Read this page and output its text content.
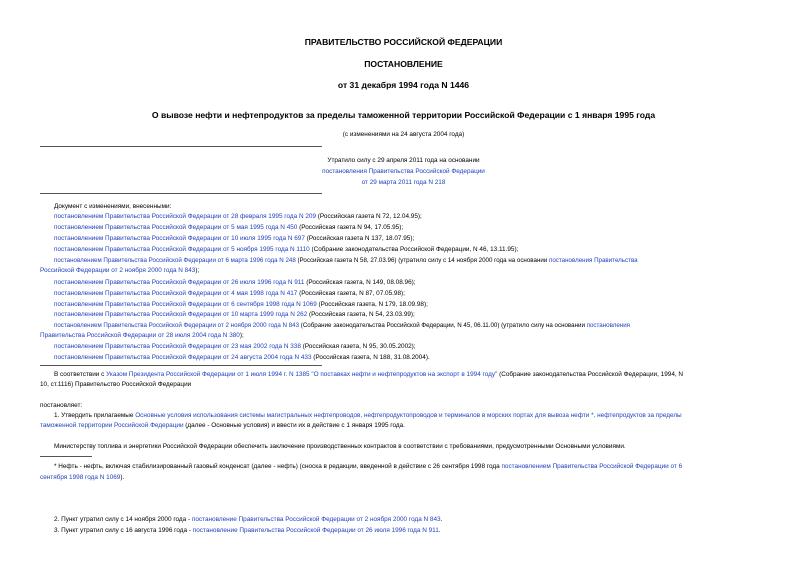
ПРАВИТЕЛЬСТВО РОССИЙСКОЙ ФЕДЕРАЦИИ
ПОСТАНОВЛЕНИЕ
от 31 декабря 1994 года N 1446
О вывозе нефти и нефтепродуктов за пределы таможенной территории Российской Федерации с 1 января 1995 года
(с изменениями на 24 августа 2004 года)
Утратило силу с 29 апреля 2011 года на основании
постановления Правительства Российской Федерации
от 29 марта 2011 года N 218
Документ с изменениями, внесенными:
постановлением Правительства Российской Федерации от 28 февраля 1995 года N 209 (Российская газета N 72, 12.04.95);
постановлением Правительства Российской Федерации от 5 мая 1995 года N 450 (Российская газета N 94, 17.05.95);
постановлением Правительства Российской Федерации от 10 июля 1995 года N 697 (Российская газета N 137, 18.07.95);
постановлением Правительства Российской Федерации от 5 ноября 1995 года N 1110 (Собрание законодательства Российской Федерации, N 46, 13.11.95);
постановлением Правительства Российской Федерации от 6 марта 1996 года N 248 (Российская газета N 58, 27.03.96) (утратило силу с 14 ноября 2000 года на основании постановления Правительства
Российской Федерации от 2 ноября 2000 года N 843);
постановлением Правительства Российской Федерации от 26 июля 1996 года N 911 (Российская газета, N 149, 08.08.96);
постановлением Правительства Российской Федерации от 4 мая 1998 года N 417 (Российская газета, N 87, 07.05.98);
постановлением Правительства Российской Федерации от 6 сентября 1998 года N 1069 (Российская газета, N 179, 18.09.98);
постановлением Правительства Российской Федерации от 10 марта 1999 года N 262 (Российская газета, N 54, 23.03.99);
постановлением Правительства Российской Федерации от 2 ноября 2000 года N 843 (Собрание законодательства Российской Федерации, N 45, 06.11.00) (утратило силу на основании постановления
Правительства Российской Федерации от 28 июля 2004 года N 380);
постановлением Правительства Российской Федерации от 23 мая 2002 года N 338 (Российская газета, N 95, 30.05.2002);
постановлением Правительства Российской Федерации от 24 августа 2004 года N 433 (Российская газета, N 188, 31.08.2004).
В соответствии с Указом Президента Российской Федерации от 1 июля 1994 г. N 1385 "О поставках нефти и нефтепродуктов на экспорт в 1994 году" (Собрание законодательства Российской Федерации, 1994, N
10, ст.1116) Правительство Российской Федерации
постановляет:
1. Утвердить прилагаемые Основные условия использования системы магистральных нефтепроводов, нефтепродуктопроводов и терминалов в морских портах для вывоза нефти *, нефтепродуктов за пределы
таможенной территории Российской Федерации (далее - Основные условия) и ввести их в действие с 1 января 1995 года.
Министерству топлива и энергетики Российской Федерации обеспечить заключение производственных контрактов в соответствии с требованиями, предусмотренными Основными условиями.
* Нефть - нефть, включая стабилизированный газовый конденсат (далее - нефть) (сноска в редакции, введенной в действие с 26 сентября 1998 года постановлением Правительства Российской Федерации от 6
сентября 1998 года N 1069).
2. Пункт утратил силу с 14 ноября 2000 года - постановление Правительства Российской Федерации от 2 ноября 2000 года N 843.
3. Пункт утратил силу с 16 августа 1996 года - постановление Правительства Российской Федерации от 26 июля 1996 года N 911.
